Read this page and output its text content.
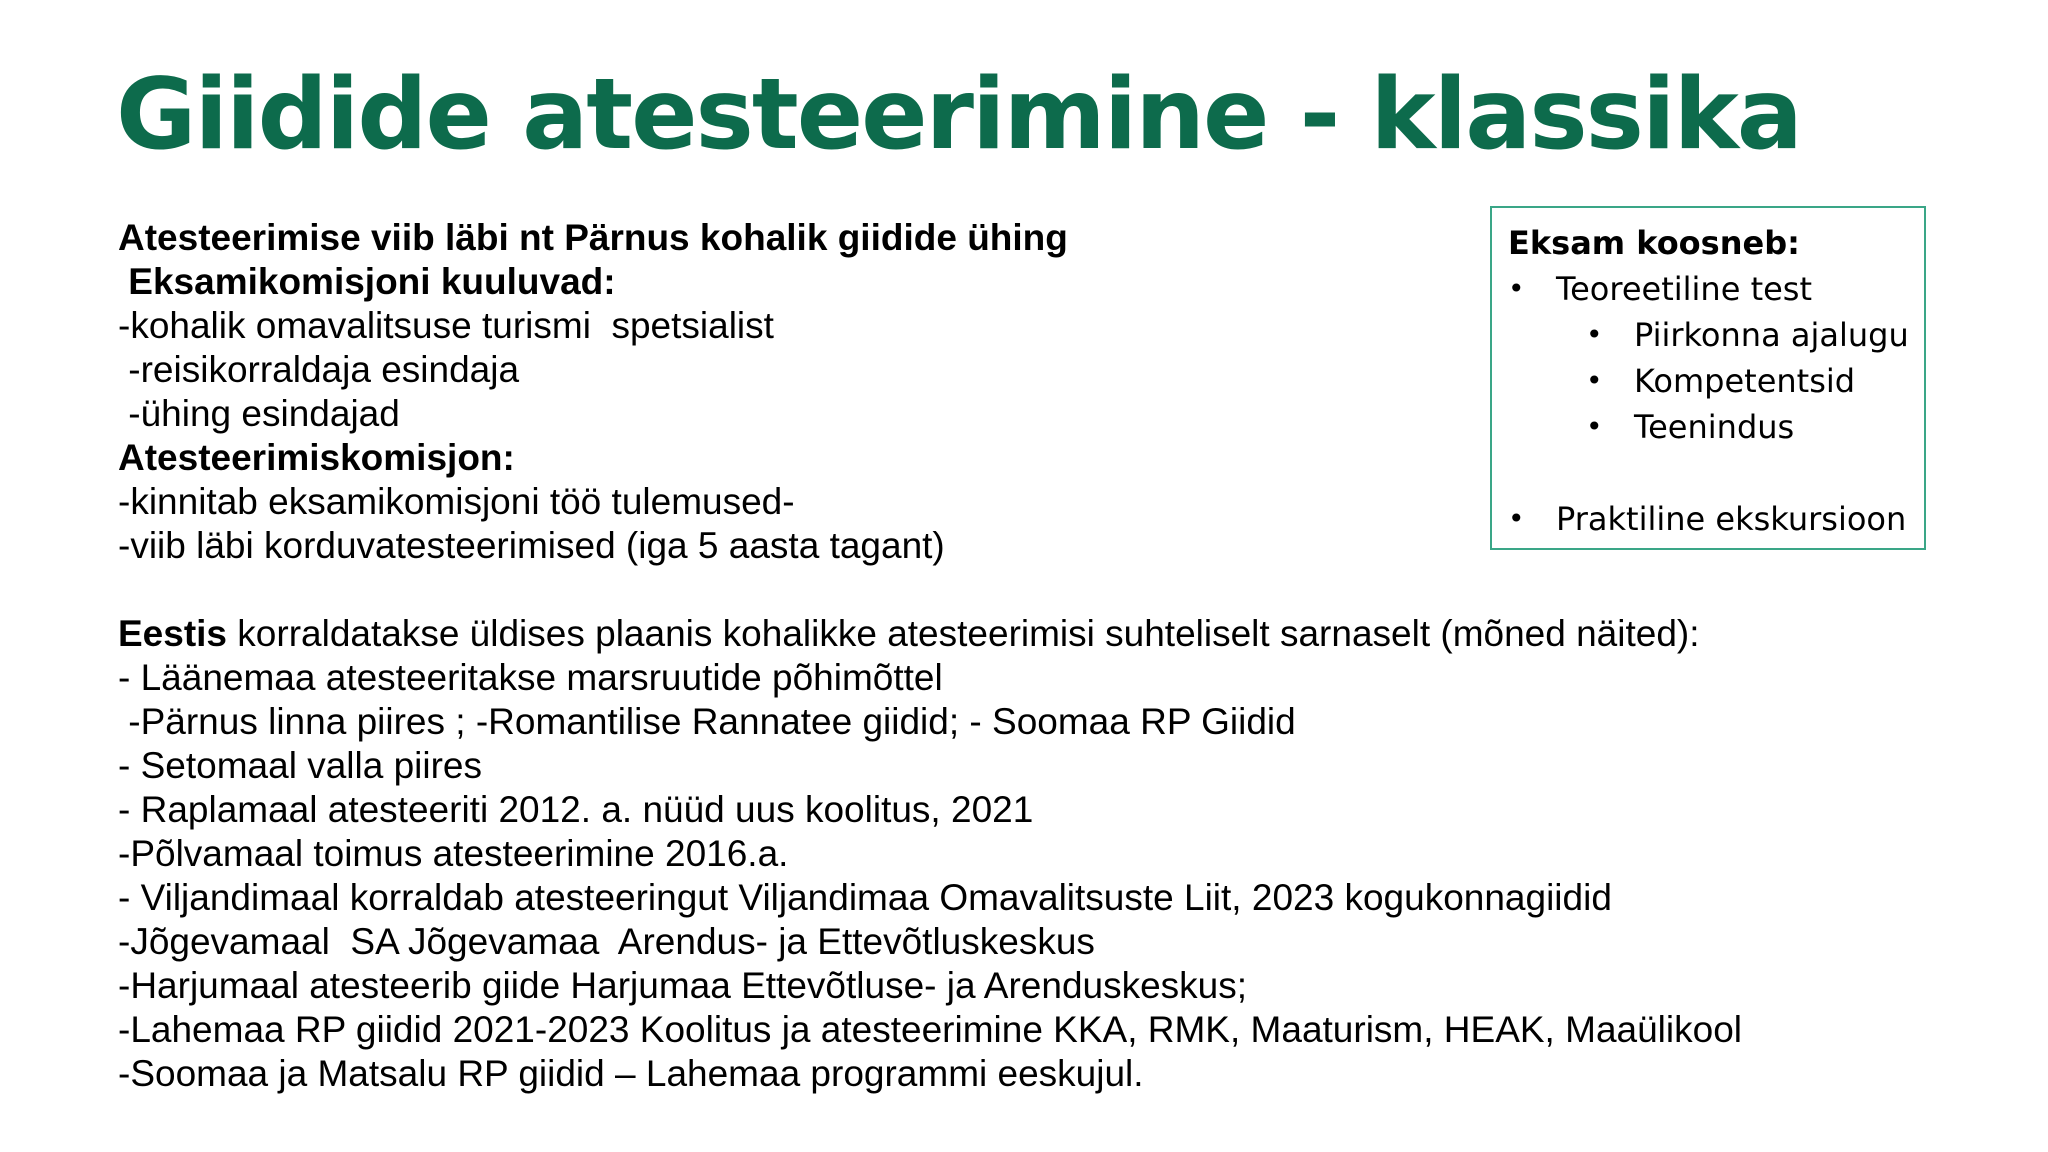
Giidide atesteerimine - klassika
Atesteerimise viib läbi nt Pärnus kohalik giidide ühing
Eksamikomisjoni kuuluvad:
-kohalik omavalitsuse turismi  spetsialist
-reisikorraldaja esindaja
-ühing esindajad
Atesteerimiskomisjon:
-kinnitab eksamikomisjoni töö tulemused-
-viib läbi korduvatesteerimised (iga 5 aasta tagant)
Eestis korraldatakse üldises plaanis kohalikke atesteerimisi suhteliselt sarnaselt (mõned näited):
- Läänemaa atesteeritakse marsruutide põhimõttel
-Pärnus linna piires ; -Romantilise Rannatee giidid; - Soomaa RP Giidid
- Setomaal valla piires
- Raplamaal atesteeriti 2012. a. nüüd uus koolitus, 2021
-Põlvamaal toimus atesteerimine 2016.a.
- Viljandimaal korraldab atesteeringut Viljandimaa Omavalitsuste Liit, 2023 kogukonnagiidid
-Jõgevamaal  SA Jõgevamaa  Arendus- ja Ettevõtluskeskus
-Harjumaal atesteerib giide Harjumaa Ettevõtluse- ja Arenduskeskus;
-Lahemaa RP giidid 2021-2023 Koolitus ja atesteerimine KKA, RMK, Maaturism, HEAK, Maaülikool
-Soomaa ja Matsalu RP giidid – Lahemaa programmi eeskujul.
Eksam koosneb:
• Teoreetiline test
• Piirkonna ajalugu
• Kompetentsid
• Teenindus
• Praktiline ekskursioon
